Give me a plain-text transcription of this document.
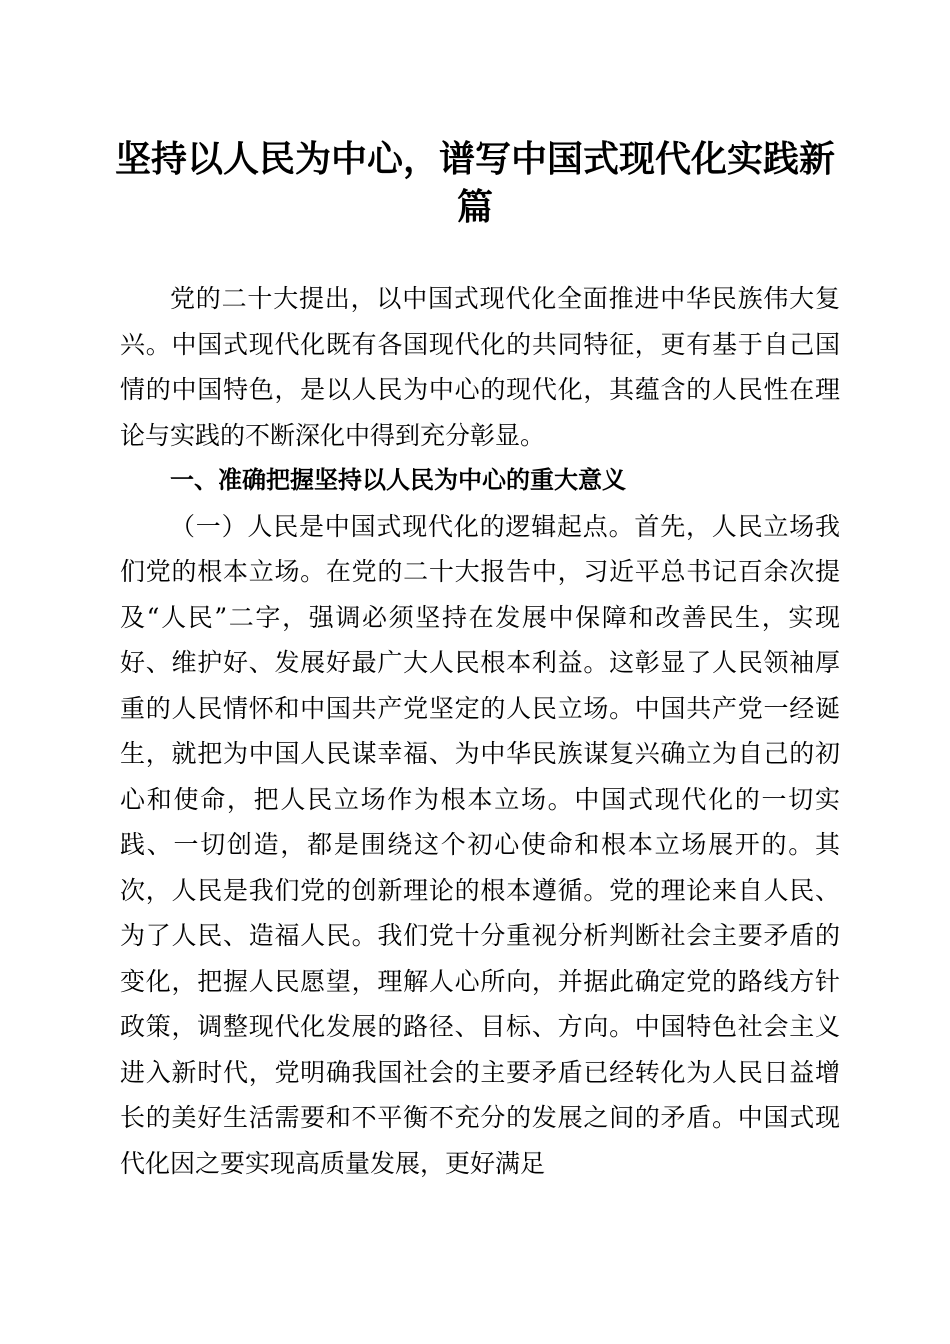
坚持以人民为中心，谱写中国式现代化实践新篇

党的二十大提出，以中国式现代化全面推进中华民族伟大复兴。中国式现代化既有各国现代化的共同特征，更有基于自己国情的中国特色，是以人民为中心的现代化，其蕴含的人民性在理论与实践的不断深化中得到充分彰显。

一、准确把握坚持以人民为中心的重大意义

（一）人民是中国式现代化的逻辑起点。首先，人民立场我们党的根本立场。在党的二十大报告中，习近平总书记百余次提及“人民”二字，强调必须坚持在发展中保障和改善民生，实现好、维护好、发展好最广大人民根本利益。这彰显了人民领袖厚重的人民情怀和中国共产党坚定的人民立场。中国共产党一经诞生，就把为中国人民谋幸福、为中华民族谋复兴确立为自己的初心和使命，把人民立场作为根本立场。中国式现代化的一切实践、一切创造，都是围绕这个初心使命和根本立场展开的。其次，人民是我们党的创新理论的根本遵循。党的理论来自人民、为了人民、造福人民。我们党十分重视分析判断社会主要矛盾的变化，把握人民愿望，理解人心所向，并据此确定党的路线方针政策，调整现代化发展的路径、目标、方向。中国特色社会主义进入新时代，党明确我国社会的主要矛盾已经转化为人民日益增长的美好生活需要和不平衡不充分的发展之间的矛盾。中国式现代化因之要实现高质量发展，更好满足
